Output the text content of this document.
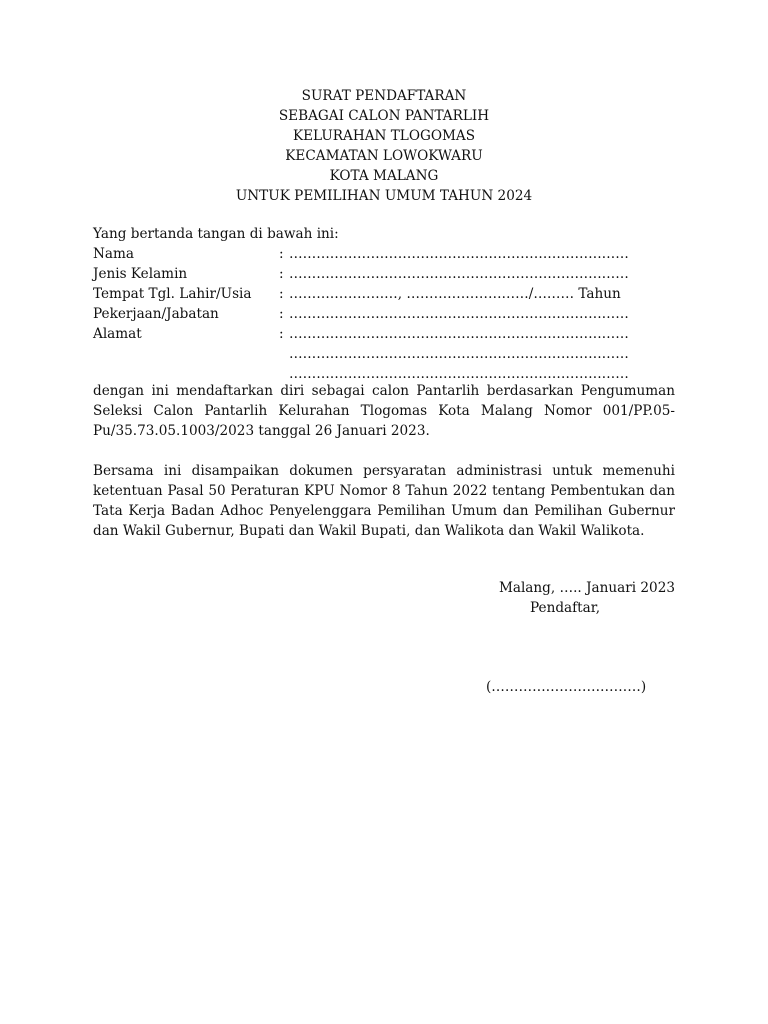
SURAT PENDAFTARAN
SEBAGAI CALON PANTARLIH
KELURAHAN TLOGOMAS
KECAMATAN LOWOKWARU
KOTA MALANG
UNTUK PEMILIHAN UMUM TAHUN 2024
Yang bertanda tangan di bawah ini:
Nama	: …………………………………………………………………
Jenis Kelamin	: …………………………………………………………………
Tempat Tgl. Lahir/Usia	: ……………………, ………………………/……… Tahun
Pekerjaan/Jabatan	: …………………………………………………………………
Alamat	: …………………………………………………………………
…………………………………………………………………
…………………………………………………………………
dengan ini mendaftarkan diri sebagai calon Pantarlih berdasarkan Pengumuman Seleksi Calon Pantarlih Kelurahan Tlogomas Kota Malang Nomor 001/PP.05-Pu/35.73.05.1003/2023 tanggal 26 Januari 2023.
Bersama ini disampaikan dokumen persyaratan administrasi untuk memenuhi ketentuan Pasal 50 Peraturan KPU Nomor 8 Tahun 2022 tentang Pembentukan dan Tata Kerja Badan Adhoc Penyelenggara Pemilihan Umum dan Pemilihan Gubernur dan Wakil Gubernur, Bupati dan Wakil Bupati, dan Walikota dan Wakil Walikota.
Malang, ….. Januari 2023
Pendaftar,
(……………………………)
